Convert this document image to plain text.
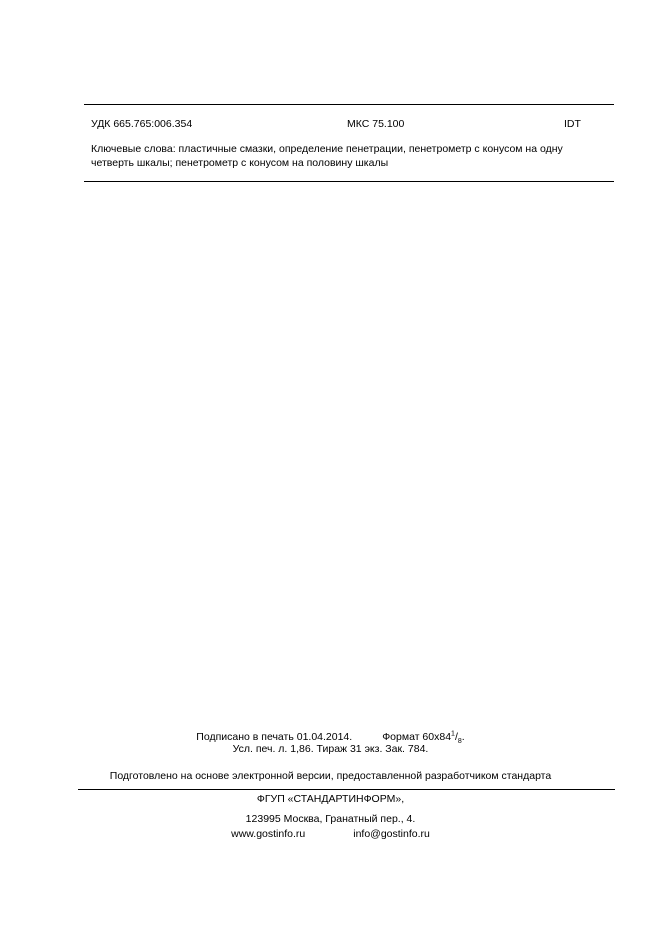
УДК 665.765:006.354	МКС 75.100	IDT
Ключевые слова: пластичные смазки, определение пенетрации, пенетрометр с конусом на одну четверть шкалы; пенетрометр с конусом на половину шкалы
Подписано в печать 01.04.2014.	Формат $60x84^1/_8$.
Усл. печ. л. 1,86. Тираж 31 экз. Зак. 784.
Подготовлено на основе электронной версии, предоставленной разработчиком стандарта
ФГУП «СТАНДАРТИНФОРМ»,
123995 Москва, Гранатный пер., 4.
www.gostinfo.ru	info@gostinfo.ru
